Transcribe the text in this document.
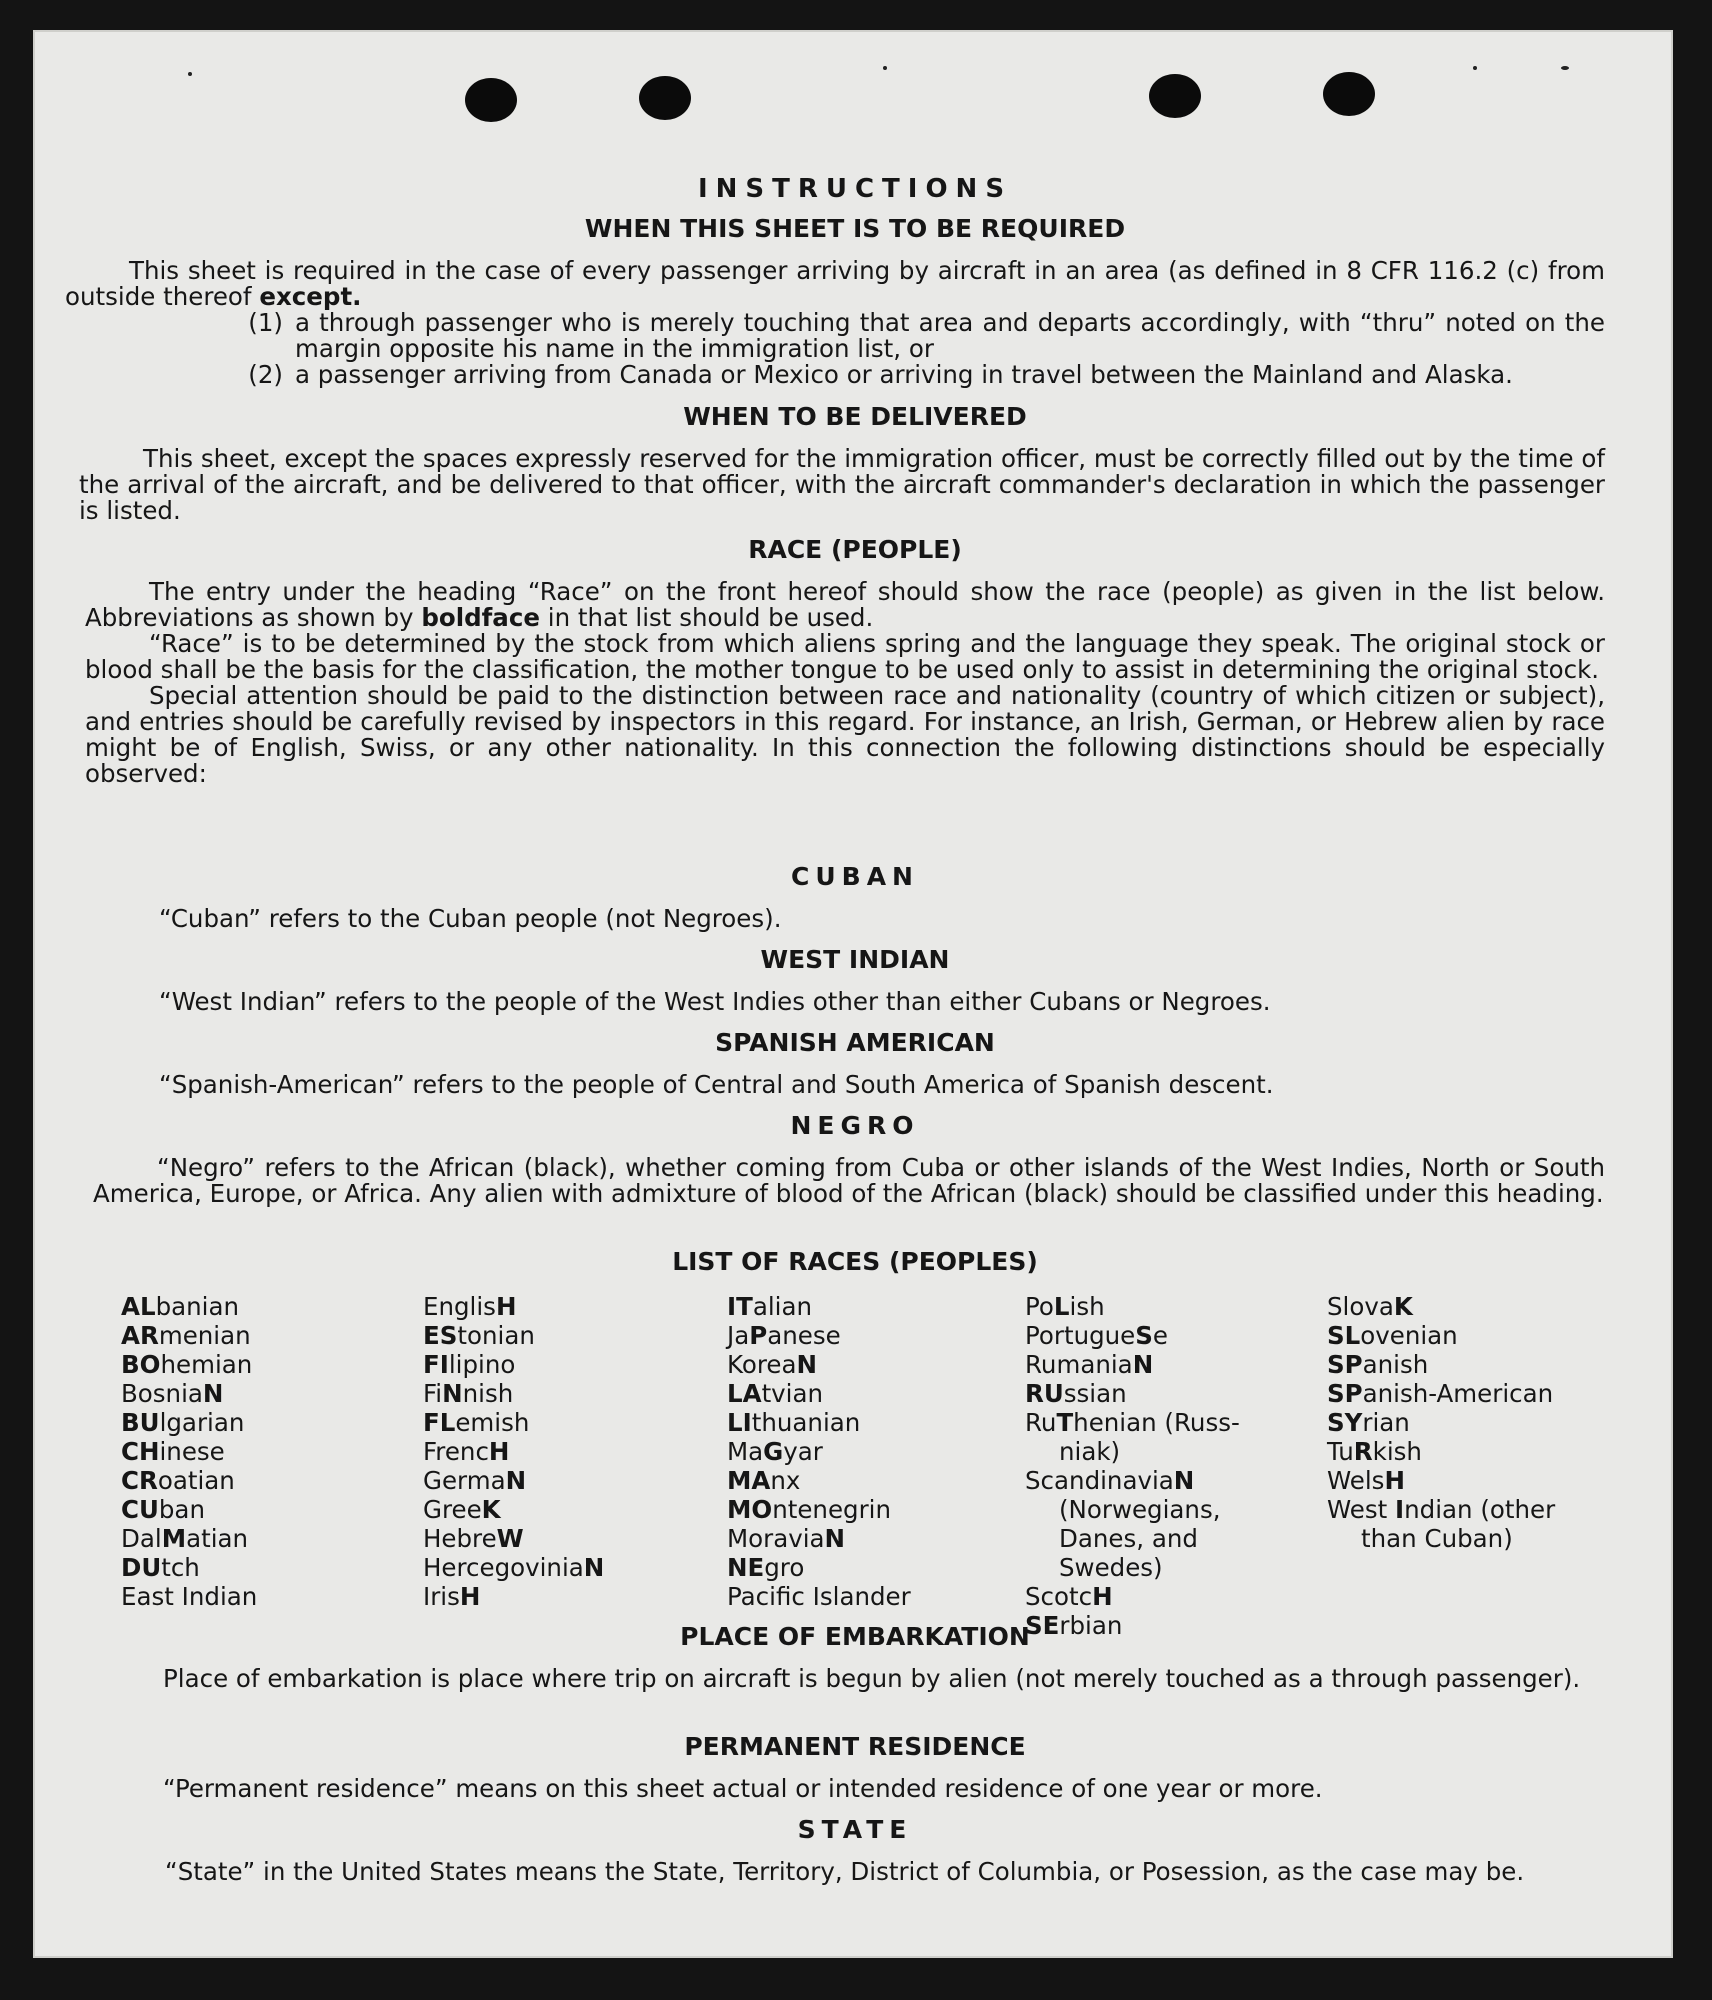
INSTRUCTIONS

WHEN THIS SHEET IS TO BE REQUIRED

This sheet is required in the case of every passenger arriving by aircraft in an area (as defined in 8 CFR 116.2 (c) from outside thereof except.

(1) a through passenger who is merely touching that area and departs accordingly, with “thru” noted on the margin opposite his name in the immigration list, or
(2) a passenger arriving from Canada or Mexico or arriving in travel between the Mainland and Alaska.

WHEN TO BE DELIVERED

This sheet, except the spaces expressly reserved for the immigration officer, must be correctly filled out by the time of the arrival of the aircraft, and be delivered to that officer, with the aircraft commander's declaration in which the passenger is listed.

RACE (PEOPLE)

The entry under the heading “Race” on the front hereof should show the race (people) as given in the list below. Abbreviations as shown by boldface in that list should be used.

“Race” is to be determined by the stock from which aliens spring and the language they speak. The original stock or blood shall be the basis for the classification, the mother tongue to be used only to assist in determining the original stock.

Special attention should be paid to the distinction between race and nationality (country of which citizen or subject), and entries should be carefully revised by inspectors in this regard. For instance, an Irish, German, or Hebrew alien by race might be of English, Swiss, or any other nationality. In this connection the following distinctions should be especially observed:

CUBAN

“Cuban” refers to the Cuban people (not Negroes).

WEST INDIAN

“West Indian” refers to the people of the West Indies other than either Cubans or Negroes.

SPANISH AMERICAN

“Spanish-American” refers to the people of Central and South America of Spanish descent.

NEGRO

“Negro” refers to the African (black), whether coming from Cuba or other islands of the West Indies, North or South America, Europe, or Africa. Any alien with admixture of blood of the African (black) should be classified under this heading.

LIST OF RACES (PEOPLES)

ALbanian
ARmenian
BOhemian
BosniaN
BUlgarian
CHinese
CRoatian
CUban
DalMatian
DUtch
East Indian
EnglisH
EStonian
FIlipino
FiNnish
FLemish
FrencH
GermaN
GreeK
HebreW
HercegoviniaN
IrisH
ITalian
JaPanese
KoreaN
LAtvian
LIthuanian
MaGyar
MAnx
MOntenegrin
MoraviaN
NEgro
Pacific Islander
PoLish
PortugueSe
RumaniaN
RUssian
RuThenian (Russ-
niak)
ScandinaviaN
(Norwegians,
Danes, and
Swedes)
ScotcH
SErbian
SlovaK
SLovenian
SPanish
SPanish-American
SYrian
TuRkish
WelsH
West Indian (other
than Cuban)

PLACE OF EMBARKATION

Place of embarkation is place where trip on aircraft is begun by alien (not merely touched as a through passenger).

PERMANENT RESIDENCE

“Permanent residence” means on this sheet actual or intended residence of one year or more.

STATE

“State” in the United States means the State, Territory, District of Columbia, or Posession, as the case may be.
